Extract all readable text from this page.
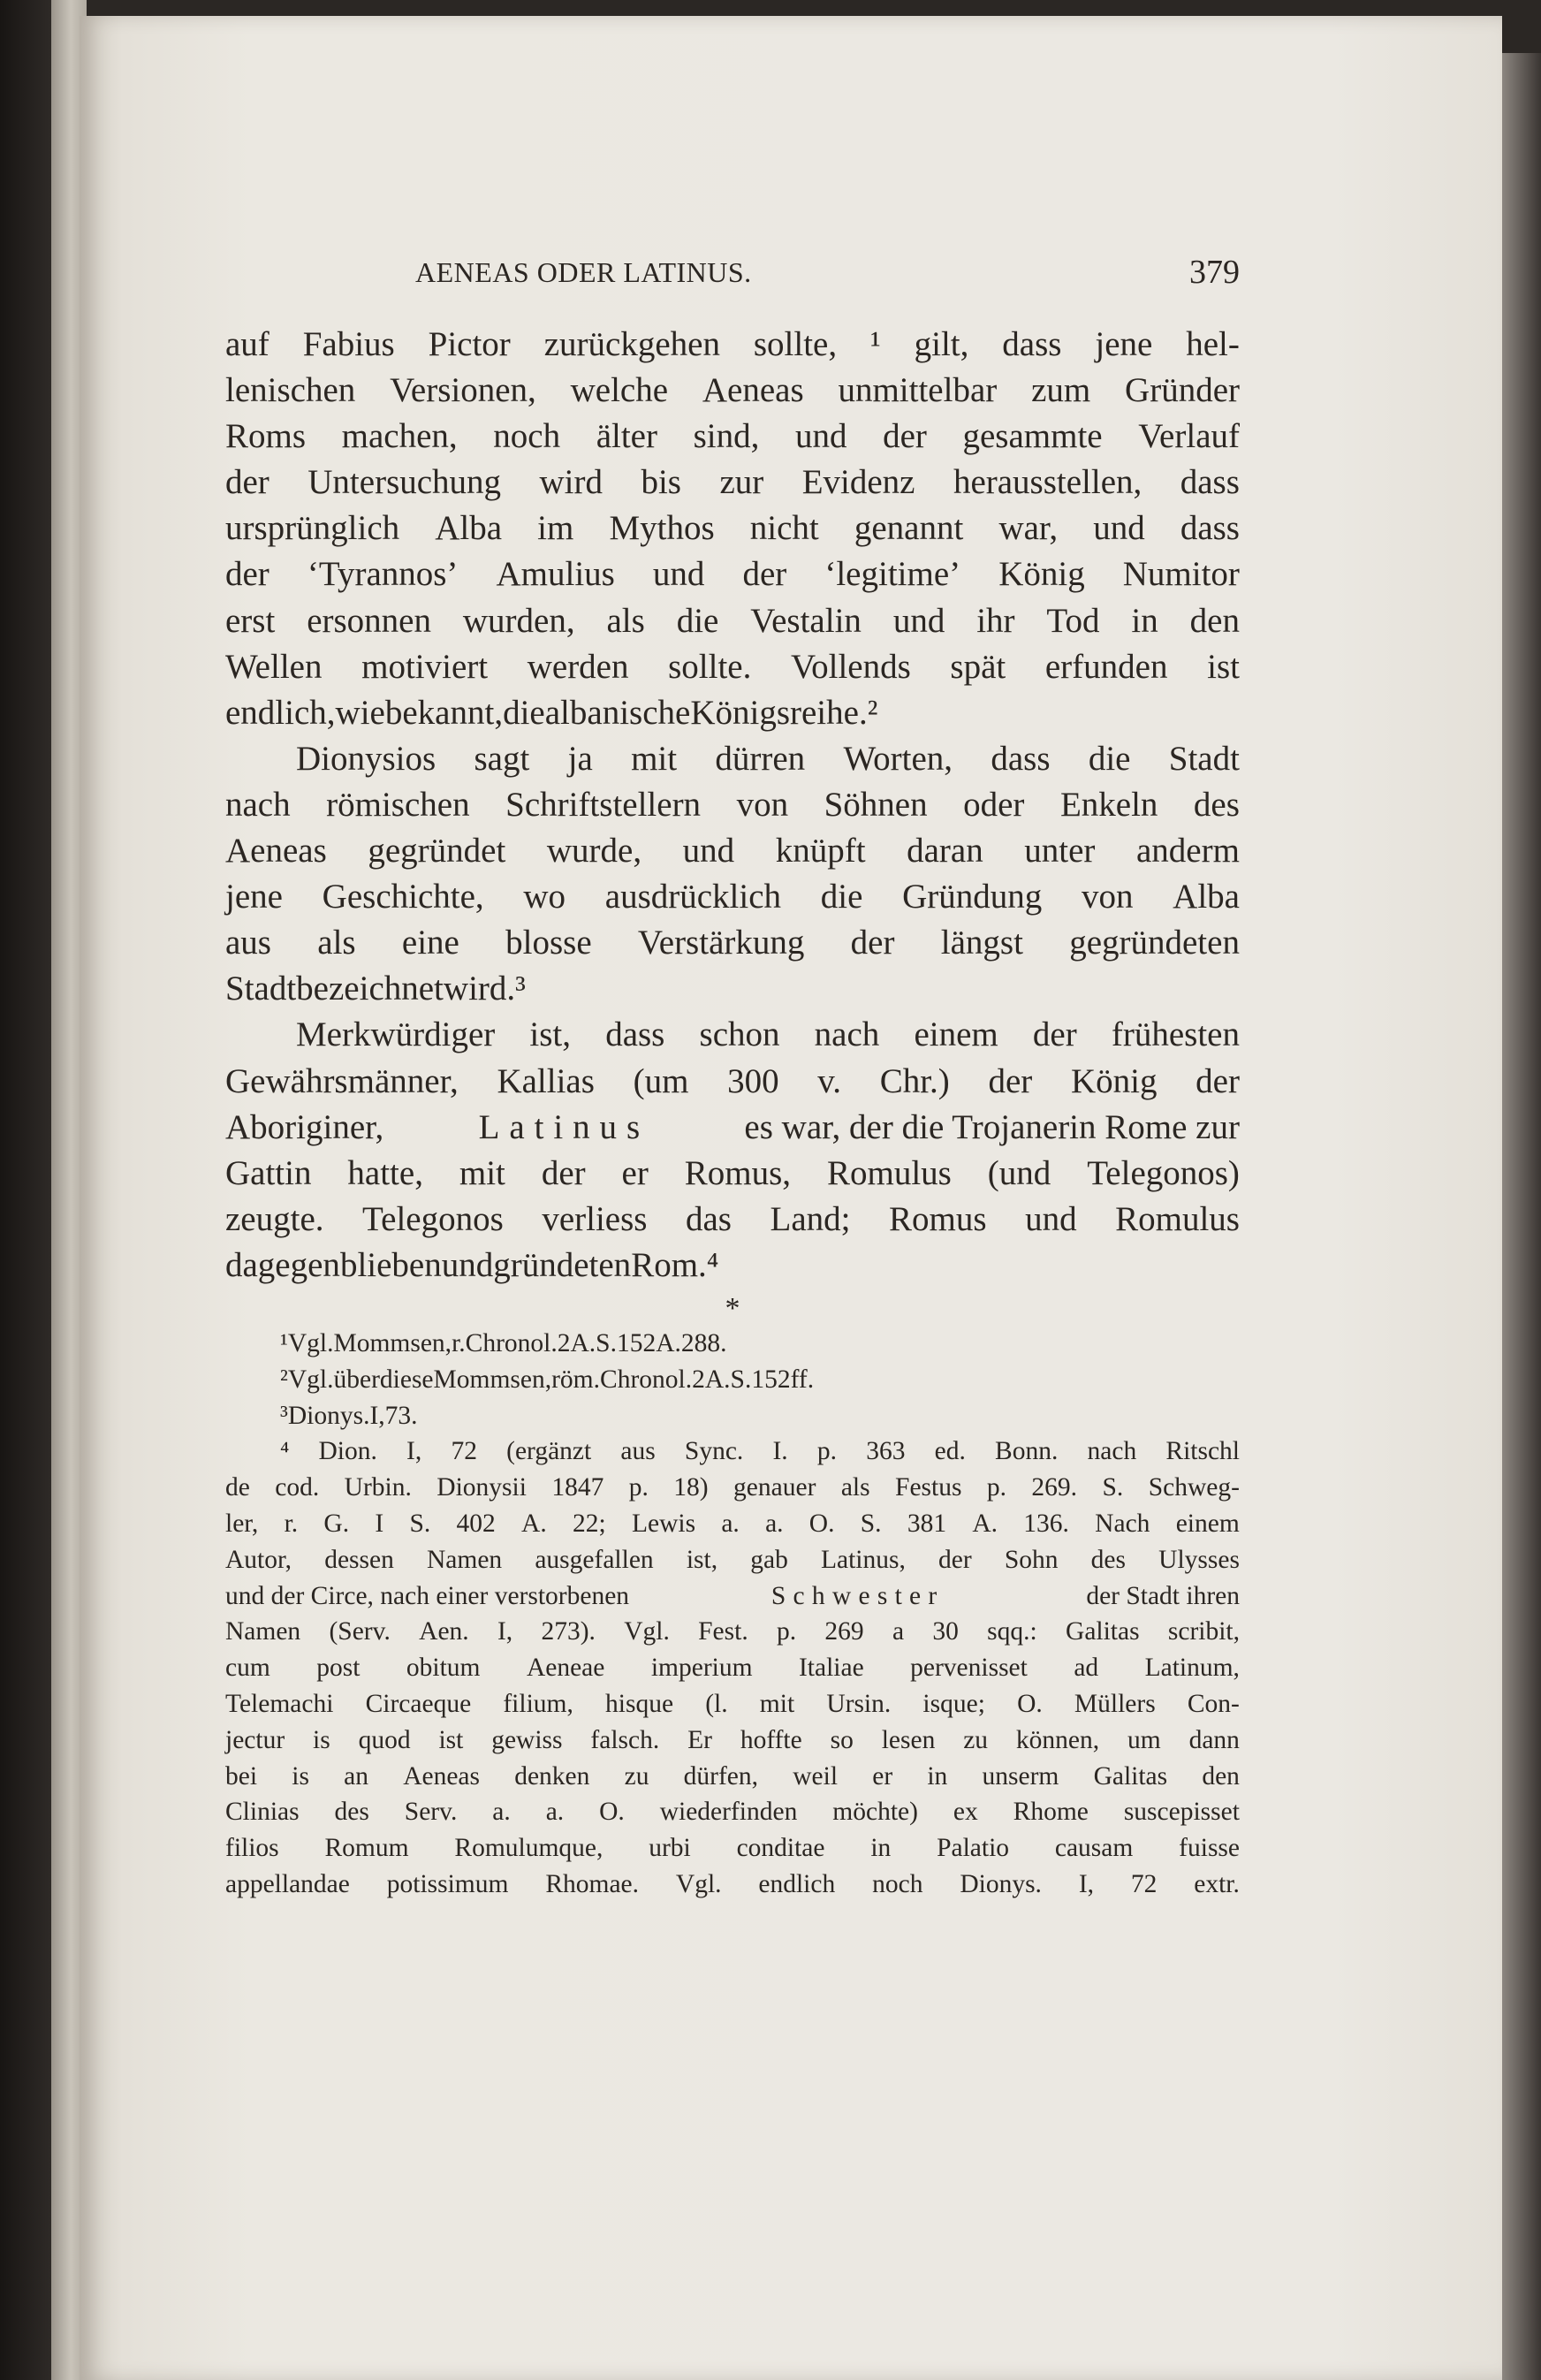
AENEAS ODER LATINUS.	379
auf Fabius Pictor zurückgehen sollte, ¹ gilt, dass jene hel-
lenischen Versionen, welche Aeneas unmittelbar zum Gründer
Roms machen, noch älter sind, und der gesammte Verlauf
der Untersuchung wird bis zur Evidenz herausstellen, dass
ursprünglich Alba im Mythos nicht genannt war, und dass
der ‘Tyrannos’ Amulius und der ‘legitime’ König Numitor
erst ersonnen wurden, als die Vestalin und ihr Tod in den
Wellen motiviert werden sollte. Vollends spät erfunden ist
endlich, wie bekannt, die albanische Königsreihe. ²
Dionysios sagt ja mit dürren Worten, dass die Stadt
nach römischen Schriftstellern von Söhnen oder Enkeln des
Aeneas gegründet wurde, und knüpft daran unter anderm
jene Geschichte, wo ausdrücklich die Gründung von Alba
aus als eine blosse Verstärkung der längst gegründeten
Stadt bezeichnet wird. ³
Merkwürdiger ist, dass schon nach einem der frühesten
Gewährsmänner, Kallias (um 300 v. Chr.) der König der
Aboriginer,	Latinus	es war, der die Trojanerin Rome zur
Gattin hatte, mit der er Romus, Romulus (und Telegonos)
zeugte. Telegonos verliess das Land; Romus und Romulus
dagegen blieben und gründeten Rom. ⁴
*
¹ Vgl. Mommsen, r. Chronol. 2 A. S. 152 A. 288.
² Vgl. über diese Mommsen, röm. Chronol. 2 A. S. 152 ff.
³ Dionys. I, 73.
⁴ Dion. I, 72 (ergänzt aus Sync. I. p. 363 ed. Bonn. nach Ritschl
de cod. Urbin. Dionysii 1847 p. 18) genauer als Festus p. 269. S. Schweg-
ler, r. G. I S. 402 A. 22; Lewis a. a. O. S. 381 A. 136. Nach einem
Autor, dessen Namen ausgefallen ist, gab Latinus, der Sohn des Ulysses
und der Circe, nach einer verstorbenen	Schwester	der Stadt ihren
Namen (Serv. Aen. I, 273). Vgl. Fest. p. 269 a 30 sqq.: Galitas scribit,
cum post obitum Aeneae imperium Italiae pervenisset ad Latinum,
Telemachi Circaeque filium, hisque (l. mit Ursin. isque; O. Müllers Con-
jectur is quod ist gewiss falsch. Er hoffte so lesen zu können, um dann
bei is an Aeneas denken zu dürfen, weil er in unserm Galitas den
Clinias des Serv. a. a. O. wiederfinden möchte) ex Rhome suscepisset
filios Romum Romulumque, urbi conditae in Palatio causam fuisse
appellandae potissimum Rhomae. Vgl. endlich noch Dionys. I, 72 extr.
